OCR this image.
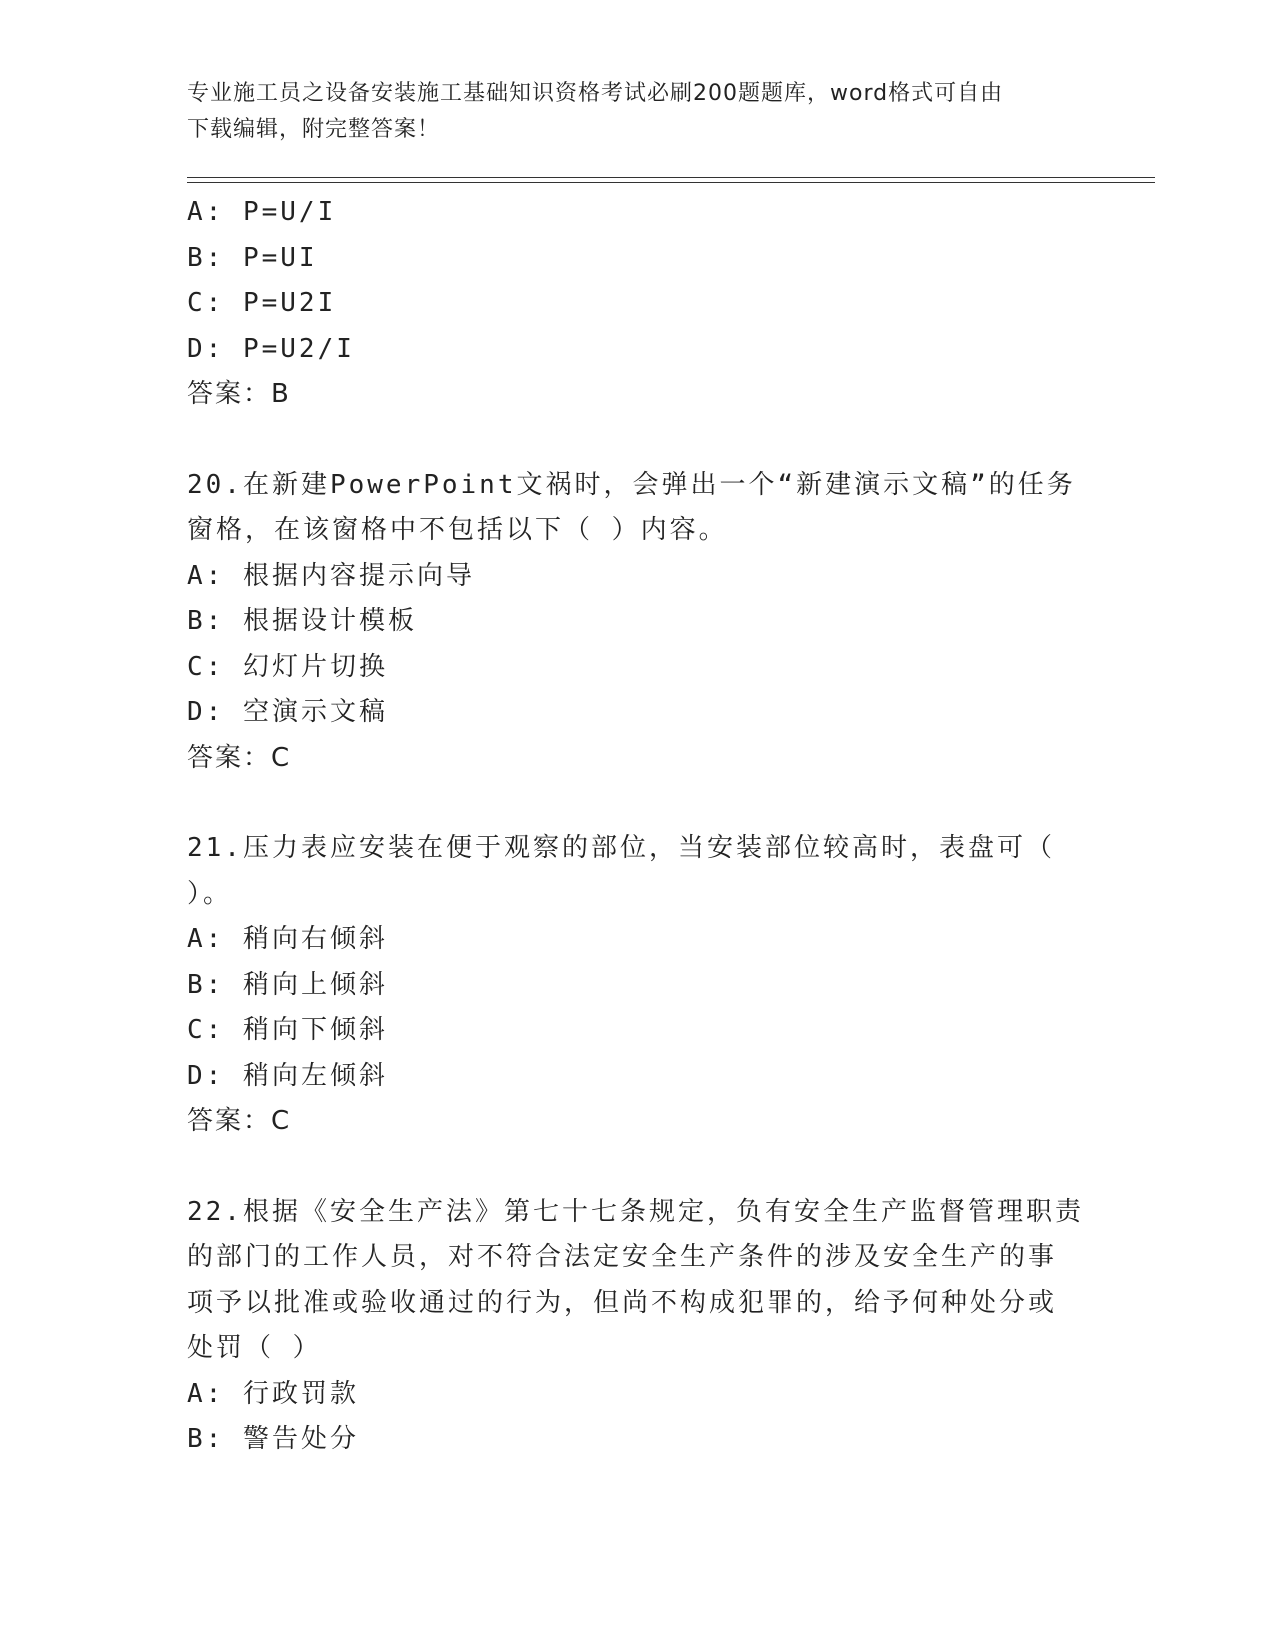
专业施工员之设备安装施工基础知识资格考试必刷200题题库，word格式可自由
下载编辑，附完整答案！
A: P=U/I
B: P=UI
C: P=U2I
D: P=U2/I
答案：B
20.在新建PowerPoint文祸时，会弹出一个“新建演示文稿”的任务
窗格，在该窗格中不包括以下（ ）内容。
A: 根据内容提示向导
B: 根据设计模板
C: 幻灯片切换
D: 空演示文稿
答案：C
21.压力表应安装在便于观察的部位，当安装部位较高时，表盘可（
）。
A: 稍向右倾斜
B: 稍向上倾斜
C: 稍向下倾斜
D: 稍向左倾斜
答案：C
22.根据《安全生产法》第七十七条规定，负有安全生产监督管理职责
的部门的工作人员，对不符合法定安全生产条件的涉及安全生产的事
项予以批准或验收通过的行为，但尚不构成犯罪的，给予何种处分或
处罚（ ）
A: 行政罚款
B: 警告处分
